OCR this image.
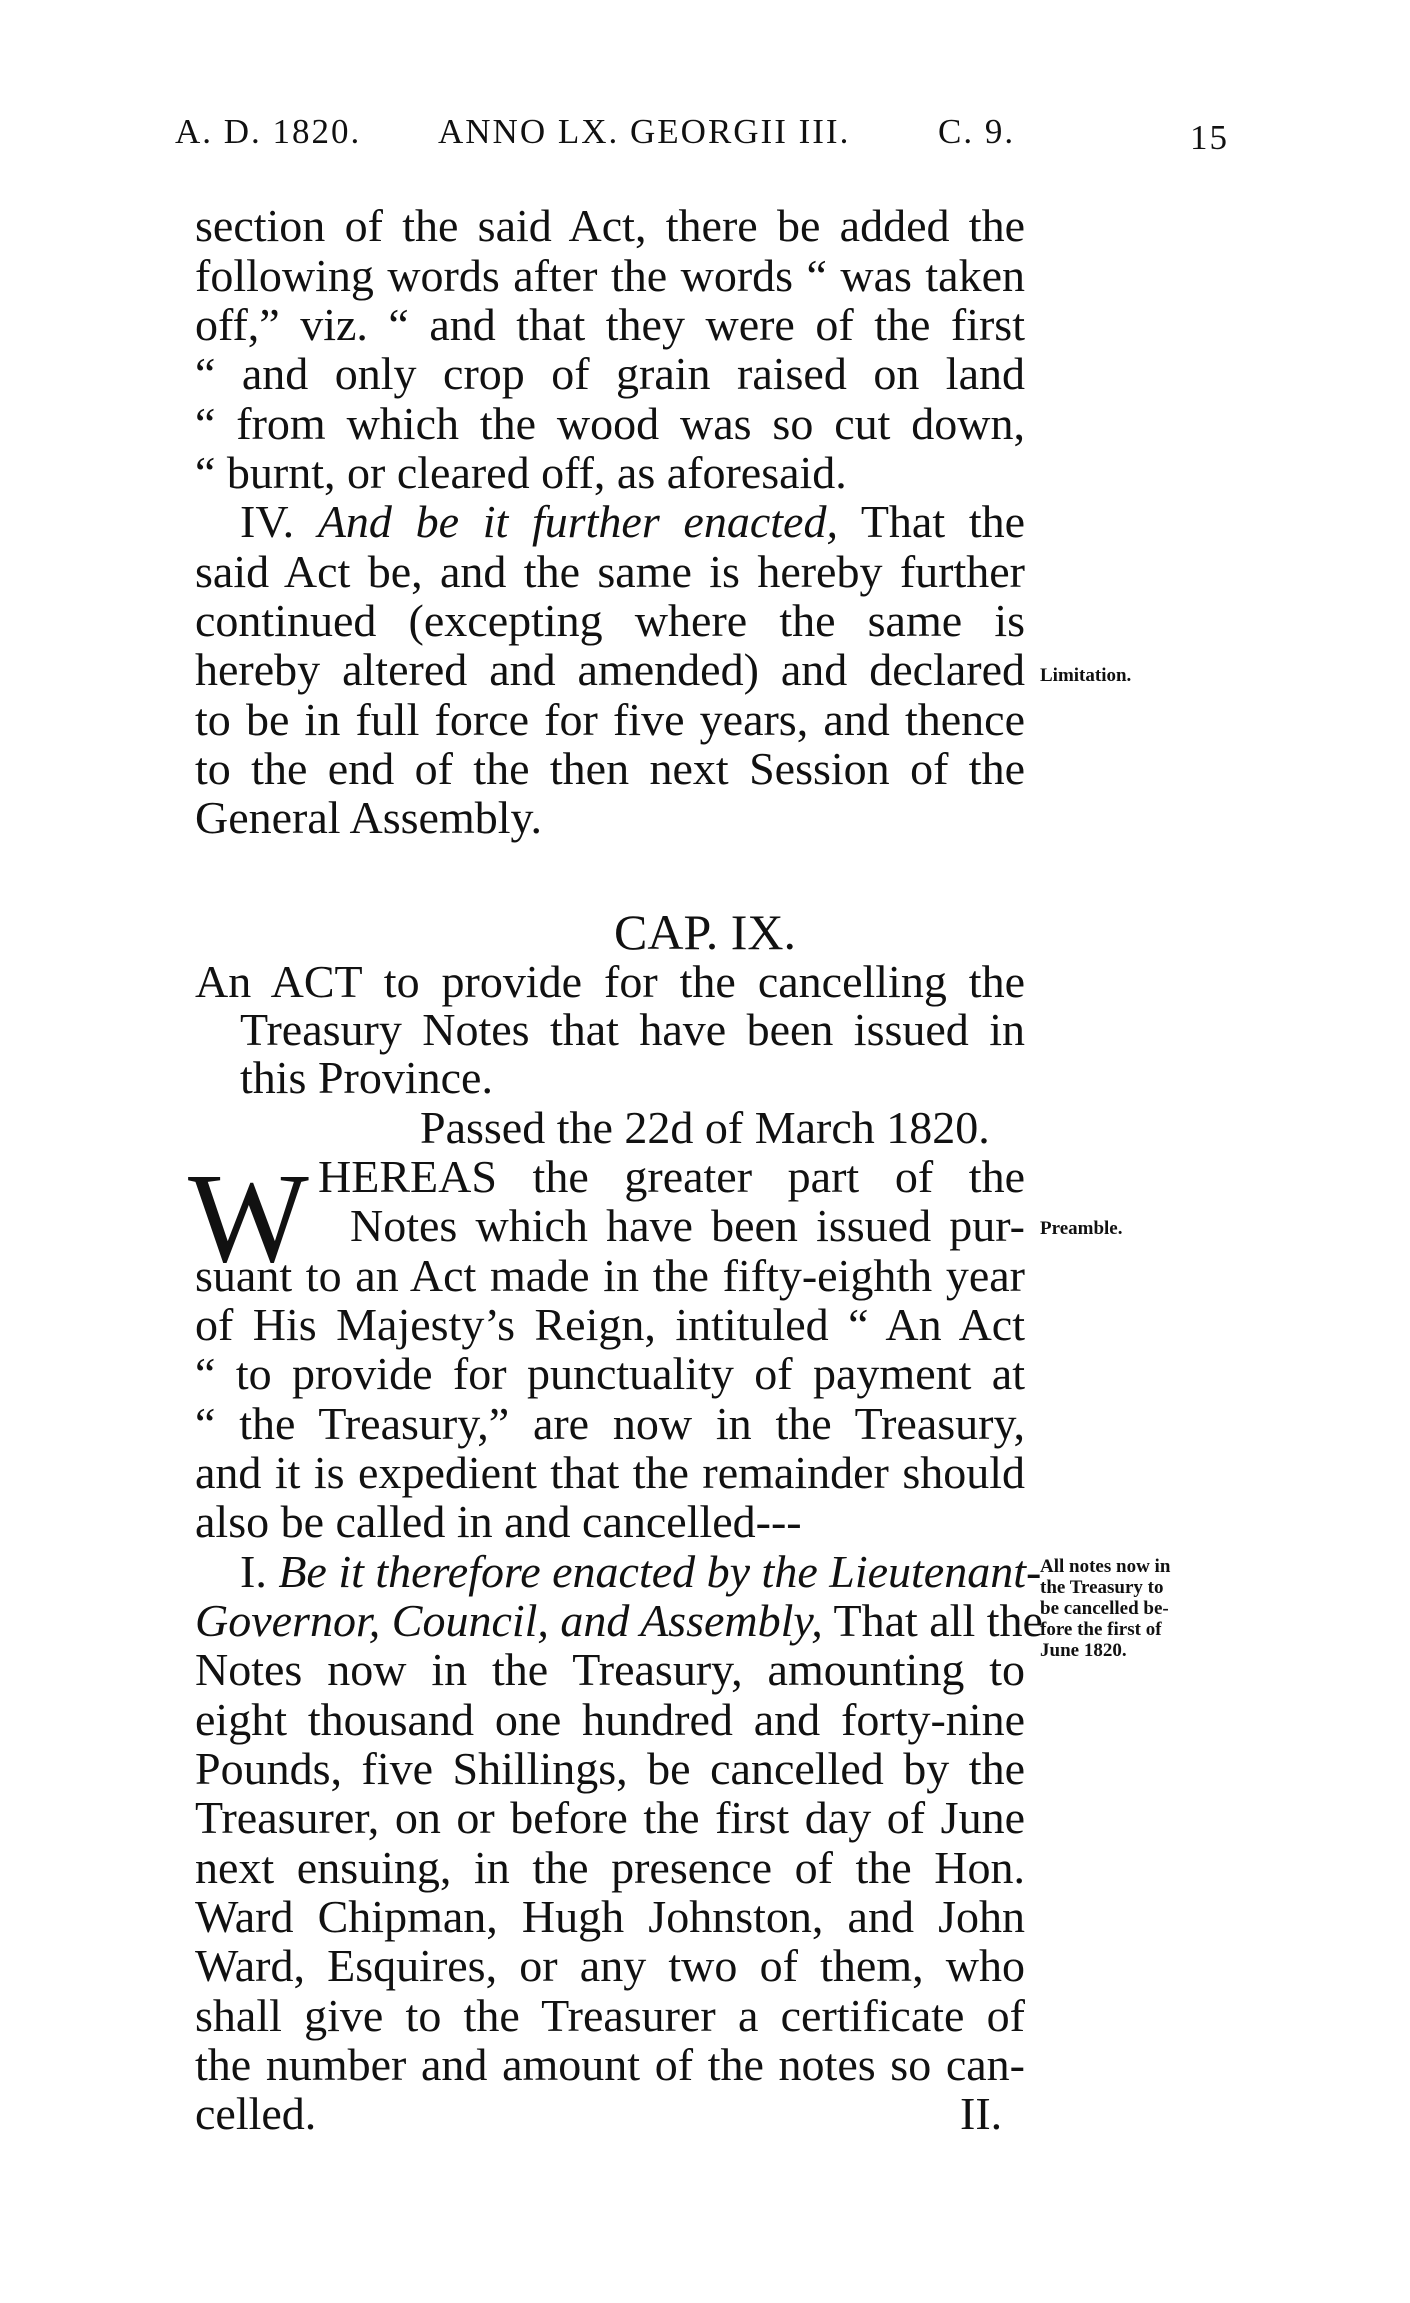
A. D. 1820. ANNO LX. GEORGII III.	C. 9.	15
section of the said Act, there be added the
following words after the words “ was taken
off,” viz. “ and that they were of the first
“ and only crop of grain raised on land
“ from which the wood was so cut down,
“ burnt, or cleared off, as aforesaid.
IV. And be it further enacted, That the
said Act be, and the same is hereby further
continued (excepting where the same is
hereby altered and amended) and declared
to be in full force for five years, and thence
to the end of the then next Session of the
General Assembly.
Limitation.
CAP. IX.
An ACT to provide for the cancelling the
Treasury Notes that have been issued in
this Province.
Passed the 22d of March 1820.
W HEREAS the greater part of the
Notes which have been issued pur-
suant to an Act made in the fifty-eighth year
of His Majesty’s Reign, intituled “ An Act
“ to provide for punctuality of payment at
“ the Treasury,” are now in the Treasury,
and it is expedient that the remainder should
also be called in and cancelled---
Preamble.
I. Be it therefore enacted by the Lieutenant-
Governor, Council, and Assembly, That all the
Notes now in the Treasury, amounting to
eight thousand one hundred and forty-nine
Pounds, five Shillings, be cancelled by the
Treasurer, on or before the first day of June
next ensuing, in the presence of the Hon.
Ward Chipman, Hugh Johnston, and John
Ward, Esquires, or any two of them, who
shall give to the Treasurer a certificate of
the number and amount of the notes so can-
celled.	II.
All notes now in
the Treasury to
be cancelled be-
fore the first of
June 1820.
